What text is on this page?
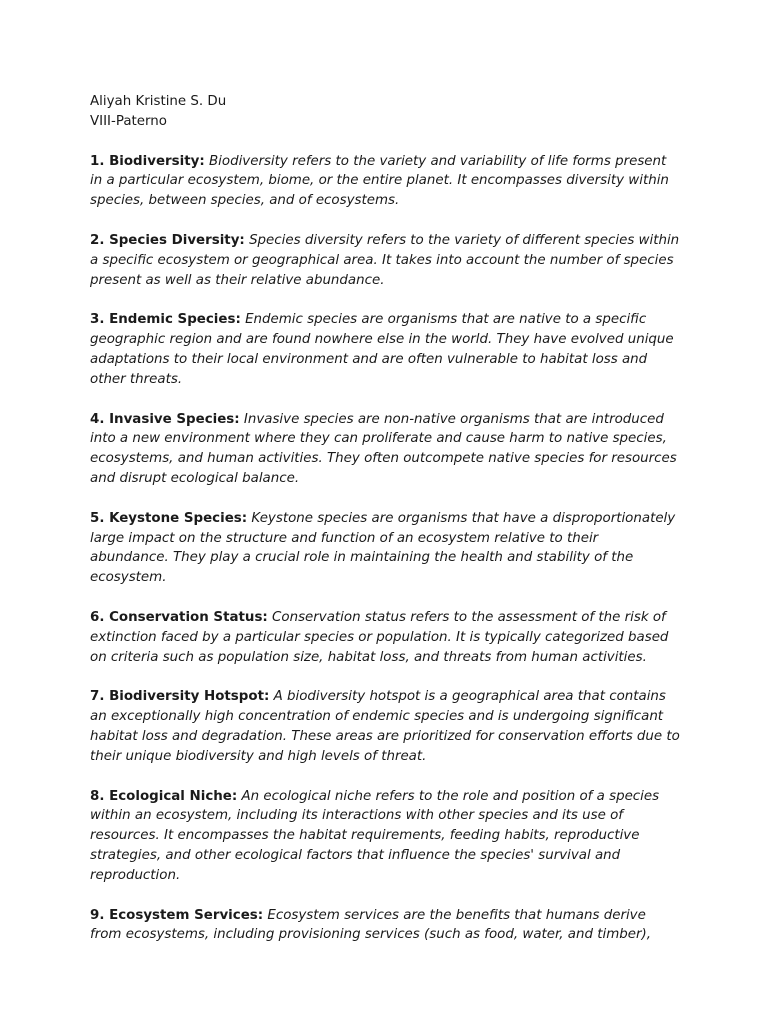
Aliyah Kristine S. Du

VIII-Paterno

1. Biodiversity: Biodiversity refers to the variety and variability of life forms present in a particular ecosystem, biome, or the entire planet. It encompasses diversity within species, between species, and of ecosystems.

2. Species Diversity: Species diversity refers to the variety of different species within a specific ecosystem or geographical area. It takes into account the number of species present as well as their relative abundance.

3. Endemic Species: Endemic species are organisms that are native to a specific geographic region and are found nowhere else in the world. They have evolved unique adaptations to their local environment and are often vulnerable to habitat loss and other threats.

4. Invasive Species: Invasive species are non-native organisms that are introduced into a new environment where they can proliferate and cause harm to native species, ecosystems, and human activities. They often outcompete native species for resources and disrupt ecological balance.

5. Keystone Species: Keystone species are organisms that have a disproportionately large impact on the structure and function of an ecosystem relative to their abundance. They play a crucial role in maintaining the health and stability of the ecosystem.

6. Conservation Status: Conservation status refers to the assessment of the risk of extinction faced by a particular species or population. It is typically categorized based on criteria such as population size, habitat loss, and threats from human activities.

7. Biodiversity Hotspot: A biodiversity hotspot is a geographical area that contains an exceptionally high concentration of endemic species and is undergoing significant habitat loss and degradation. These areas are prioritized for conservation efforts due to their unique biodiversity and high levels of threat.

8. Ecological Niche: An ecological niche refers to the role and position of a species within an ecosystem, including its interactions with other species and its use of resources. It encompasses the habitat requirements, feeding habits, reproductive strategies, and other ecological factors that influence the species' survival and reproduction.

9. Ecosystem Services: Ecosystem services are the benefits that humans derive from ecosystems, including provisioning services (such as food, water, and timber),
